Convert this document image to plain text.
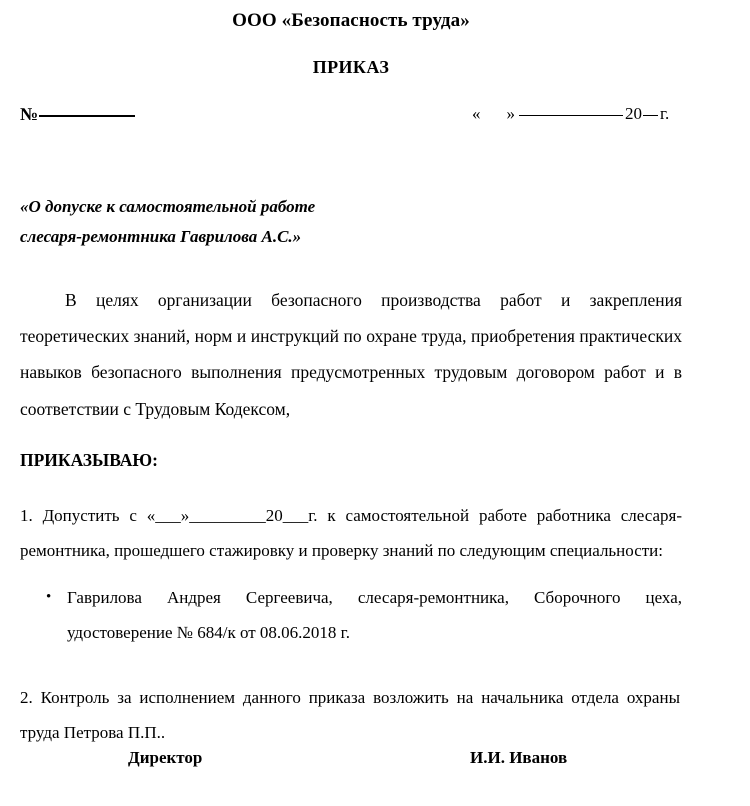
ООО «Безопасность труда»
ПРИКАЗ
№	« »	20 г.
«О допуске к самостоятельной работе
слесаря-ремонтника Гаврилова А.С.»
В целях организации безопасного производства работ и закрепления теоретических знаний, норм и инструкций по охране труда, приобретения практических навыков безопасного выполнения предусмотренных трудовым договором работ и в соответствии с Трудовым Кодексом,
ПРИКАЗЫВАЮ:
1. Допустить с «___»_________20___г. к самостоятельной работе работника слесаря-ремонтника, прошедшего стажировку и проверку знаний по следующим специальности:
• Гаврилова Андрея Сергеевича, слесаря-ремонтника, Сборочного цеха, удостоверение № 684/к от 08.06.2018 г.
2. Контроль за исполнением данного приказа возложить на начальника отдела охраны труда Петрова П.П..
Директор	И.И. Иванов
